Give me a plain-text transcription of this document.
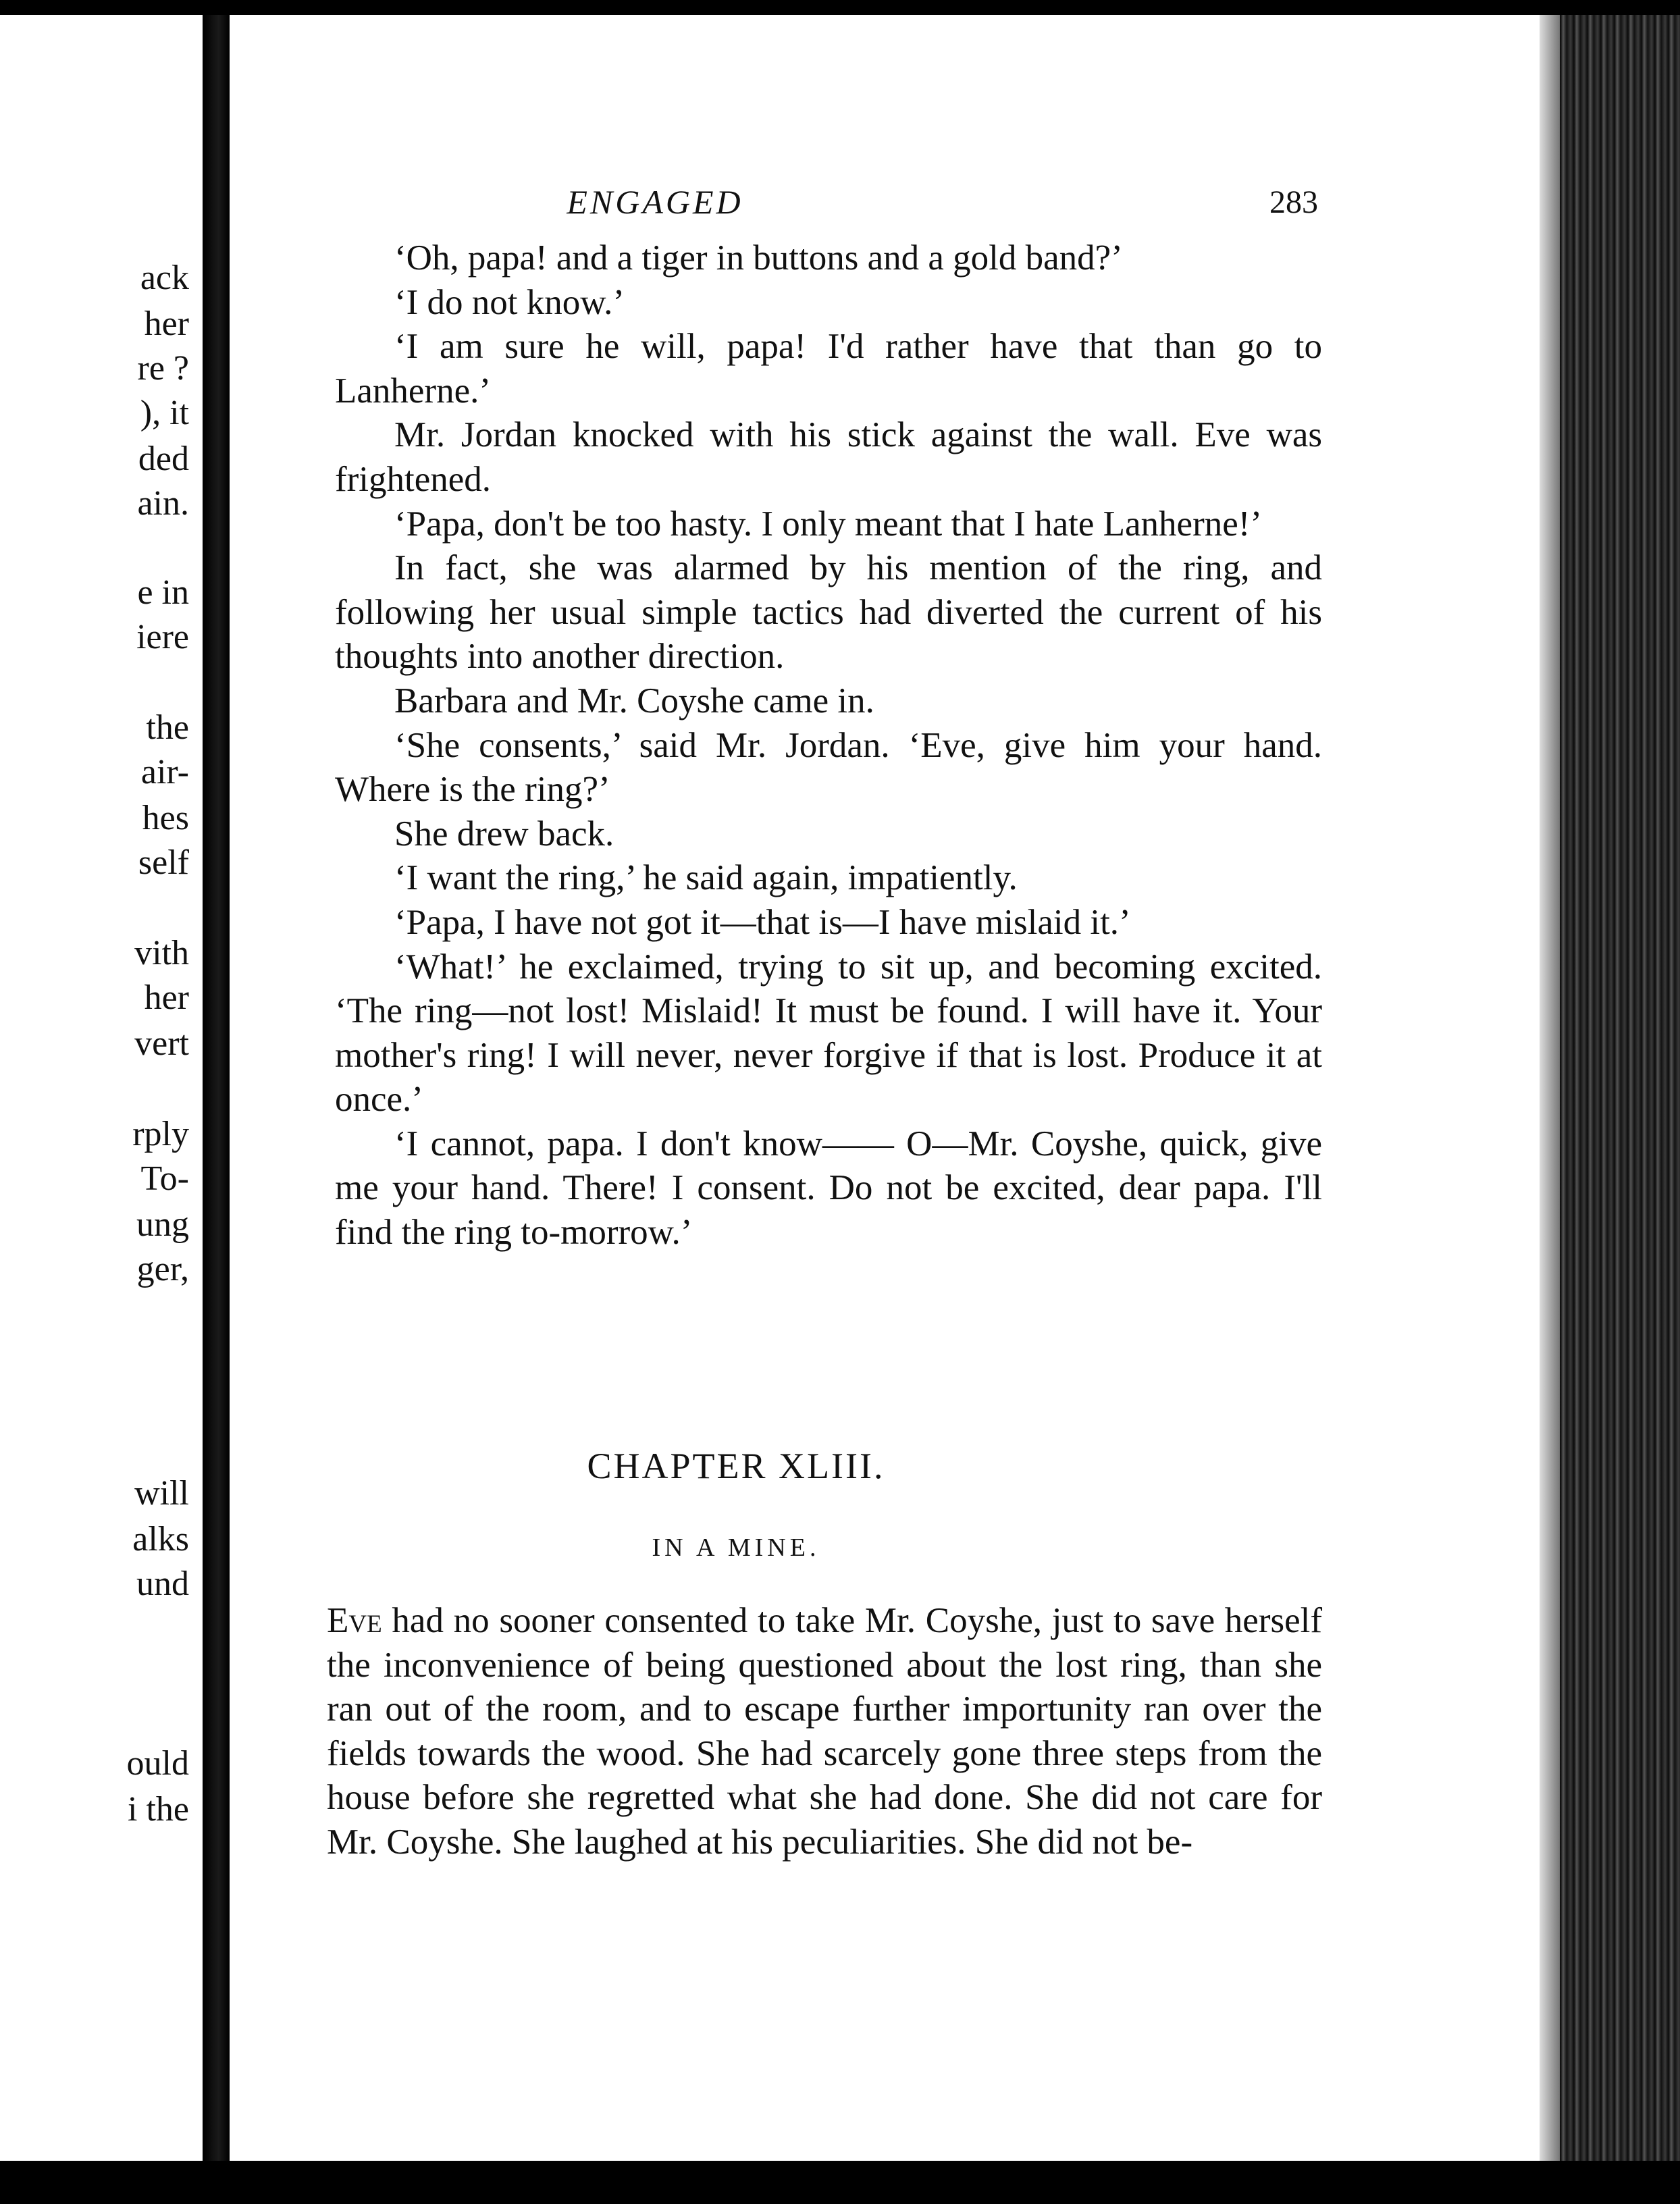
ack
her
re ?
), it
ded
ain.
e in
iere
the
air-
hes
self
vith
her
vert
rply
To-
ung
ger,
will
alks
und
ould
i the
ENGAGED	283

‘Oh, papa! and a tiger in buttons and a gold band?’

‘I do not know.’

‘I am sure he will, papa! I'd rather have that than go to Lanherne.’

Mr. Jordan knocked with his stick against the wall. Eve was frightened.

‘Papa, don't be too hasty. I only meant that I hate Lanherne!’

In fact, she was alarmed by his mention of the ring, and following her usual simple tactics had diverted the current of his thoughts into another direction.

Barbara and Mr. Coyshe came in.

‘She consents,’ said Mr. Jordan. ‘Eve, give him your hand. Where is the ring?’

She drew back.

‘I want the ring,’ he said again, impatiently.

‘Papa, I have not got it—that is—I have mislaid it.’

‘What!’ he exclaimed, trying to sit up, and becoming excited. ‘The ring—not lost! Mislaid! It must be found. I will have it. Your mother's ring! I will never, never forgive if that is lost. Produce it at once.’

‘I cannot, papa. I don't know—— O—Mr. Coyshe, quick, give me your hand. There! I consent. Do not be excited, dear papa. I'll find the ring to-morrow.’

CHAPTER XLIII.
IN A MINE.

Eve had no sooner consented to take Mr. Coyshe, just to save herself the inconvenience of being questioned about the lost ring, than she ran out of the room, and to escape further importunity ran over the fields towards the wood. She had scarcely gone three steps from the house before she regretted what she had done. She did not care for Mr. Coyshe. She laughed at his peculiarities. She did not be-
